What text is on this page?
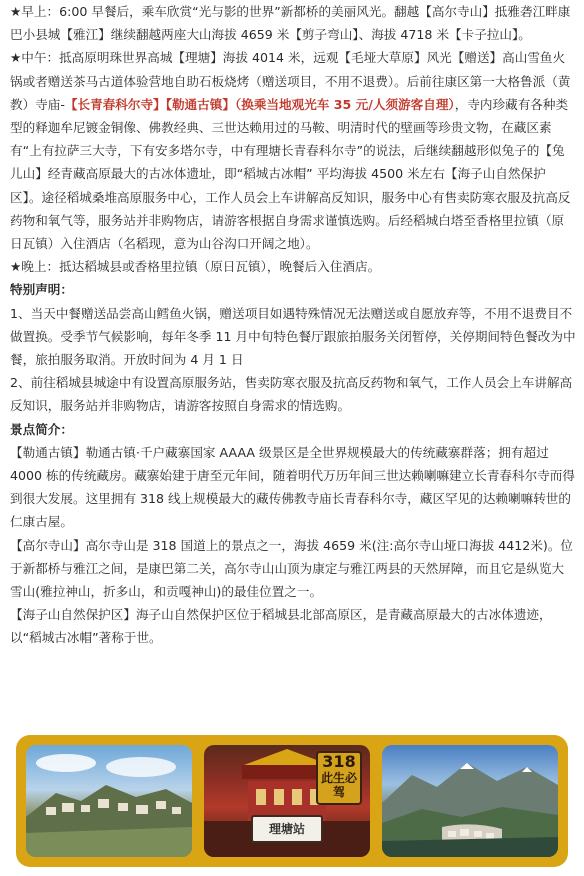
★早上：6:00 早餐后，乘车欣赏“光与影的世界”新都桥的美丽风光。翻越【高尔寺山】抵雅砻江畔康巴小县城【雅江】继续翻越两座大山海拔 4659 米【剪子弯山】、海拔 4718 米【卡子拉山】。

★中午：抵高原明珠世界高城【理塘】海拔 4014 米，远观【毛垭大草原】风光【赠送】高山雪鱼火锅或者赠送茶马古道体验营地自助石板烧烤（赠送项目，不用不退费）。后前往康区第一大格鲁派（黄教）寺庙-【长青春科尔寺】【勒通古镇】（换乘当地观光车 35 元/人须游客自理），寺内珍藏有各种类型的释迦牟尼镀金铜像、佛教经典、三世达赖用过的马鞍、明清时代的壁画等珍贵文物，在藏区素有“上有拉萨三大寺，下有安多塔尔寺，中有理塘长青春科尔寺”的说法，后继续翻越形似兔子的【兔儿山】经青藏高原最大的古冰体遗址，即“稻城古冰帽” 平均海拔 4500 米左右【海子山自然保护区】。途径稻城桑堆高原服务中心，工作人员会上车讲解高反知识，服务中心有售卖防寒衣服及抗高反药物和氧气等，服务站并非购物店，请游客根据自身需求谨慎选购。后经稻城白塔至香格里拉镇（原日瓦镇）入住酒店（名稻现，意为山谷沟口开阔之地）。

★晚上：抵达稻城县或香格里拉镇（原日瓦镇），晚餐后入住酒店。

特别声明：

1、当天中餐赠送品尝高山鳕鱼火锅，赠送项目如遇特殊情况无法赠送或自愿放弃等，不用不退费目不做置换。受季节气候影响，每年冬季 11 月中旬特色餐厅跟旅拍服务关闭暂停，关停期间特色餐改为中餐，旅拍服务取消。开放时间为 4 月 1 日

2、前往稻城县城途中有设置高原服务站，售卖防寒衣服及抗高反药物和氧气，工作人员会上车讲解高反知识，服务站并非购物店，请游客按照自身需求的情选购。

景点简介：

【勒通古镇】勒通古镇·千户藏寨国家 AAAA 级景区是全世界规模最大的传统藏寨群落；拥有超过 4000 栋的传统藏房。藏寨始建于唐至元年间，随着明代万历年间三世达赖喇嘛建立长青春科尔寺而得到很大发展。这里拥有 318 线上规模最大的藏传佛教寺庙长青春科尔寺，藏区罕见的达赖喇嘛转世的仁康古屋。

【高尔寺山】高尔寺山是 318 国道上的景点之一，海拔 4659 米(注:高尔寺山垭口海拔 4412米)。位于新都桥与雅江之间，是康巴第二关，高尔寺山山顶为康定与雅江两县的天然屏障，而且它是纵览大雪山(雅拉神山，折多山，和贡嘎神山)的最佳位置之一。

【海子山自然保护区】海子山自然保护区位于稻城县北部高原区，是青藏高原最大的古冰体遗迹，以“稻城古冰帽”著称于世。

318
此生必驾
理塘站
